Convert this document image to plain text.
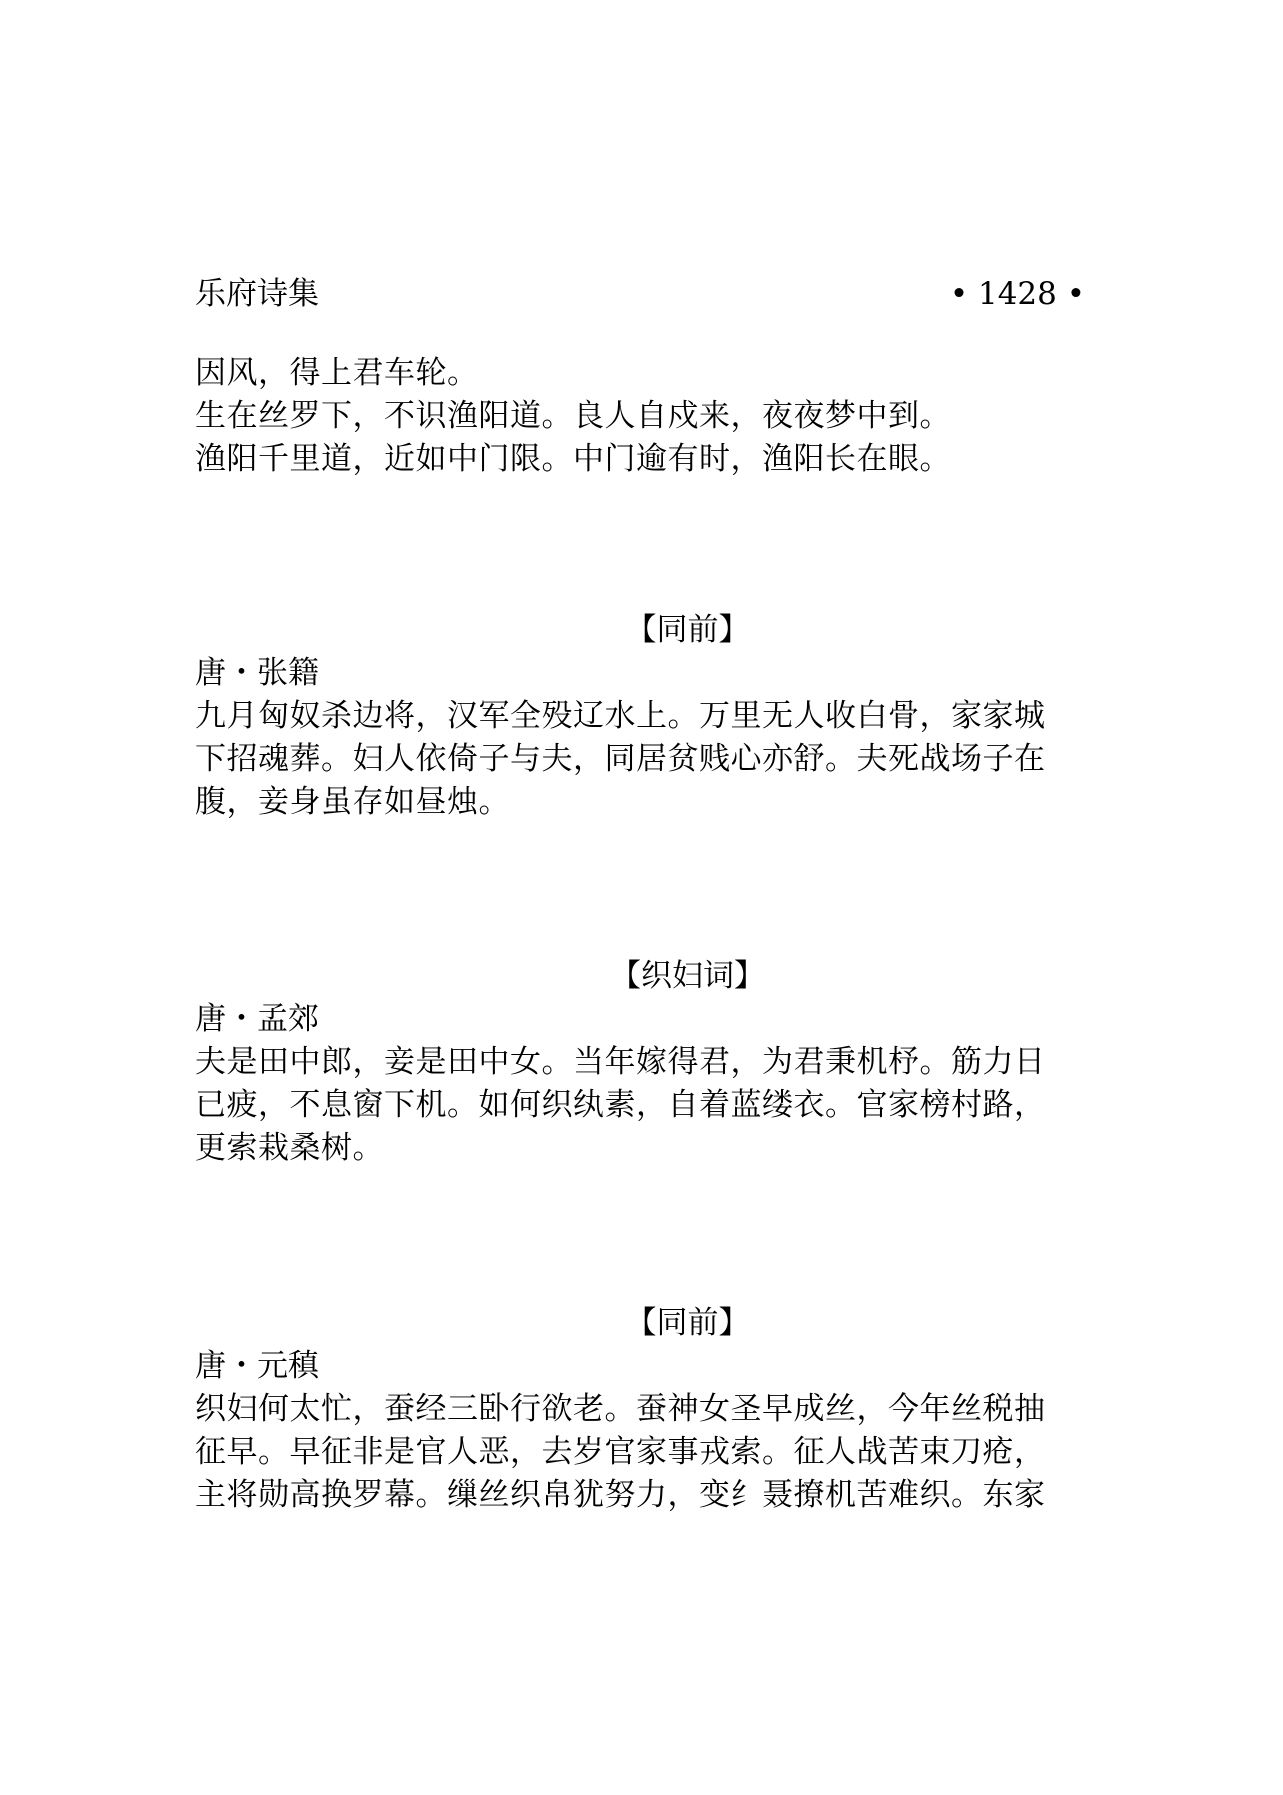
乐府诗集	• 1428 •
因风，得上君车轮。
生在丝罗下，不识渔阳道。良人自戍来，夜夜梦中到。
渔阳千里道，近如中门限。中门逾有时，渔阳长在眼。
【同前】
唐・张籍
九月匈奴杀边将，汉军全殁辽水上。万里无人收白骨，家家城
下招魂葬。妇人依倚子与夫，同居贫贱心亦舒。夫死战场子在
腹，妾身虽存如昼烛。
【织妇词】
唐・孟郊
夫是田中郎，妾是田中女。当年嫁得君，为君秉机杼。筋力日
已疲，不息窗下机。如何织纨素，自着蓝缕衣。官家榜村路，
更索栽桑树。
【同前】
唐・元稹
织妇何太忙，蚕经三卧行欲老。蚕神女圣早成丝，今年丝税抽
征早。早征非是官人恶，去岁官家事戎索。征人战苦束刀疮，
主将勋高换罗幕。缫丝织帛犹努力，变纟聂撩机苦难织。东家
